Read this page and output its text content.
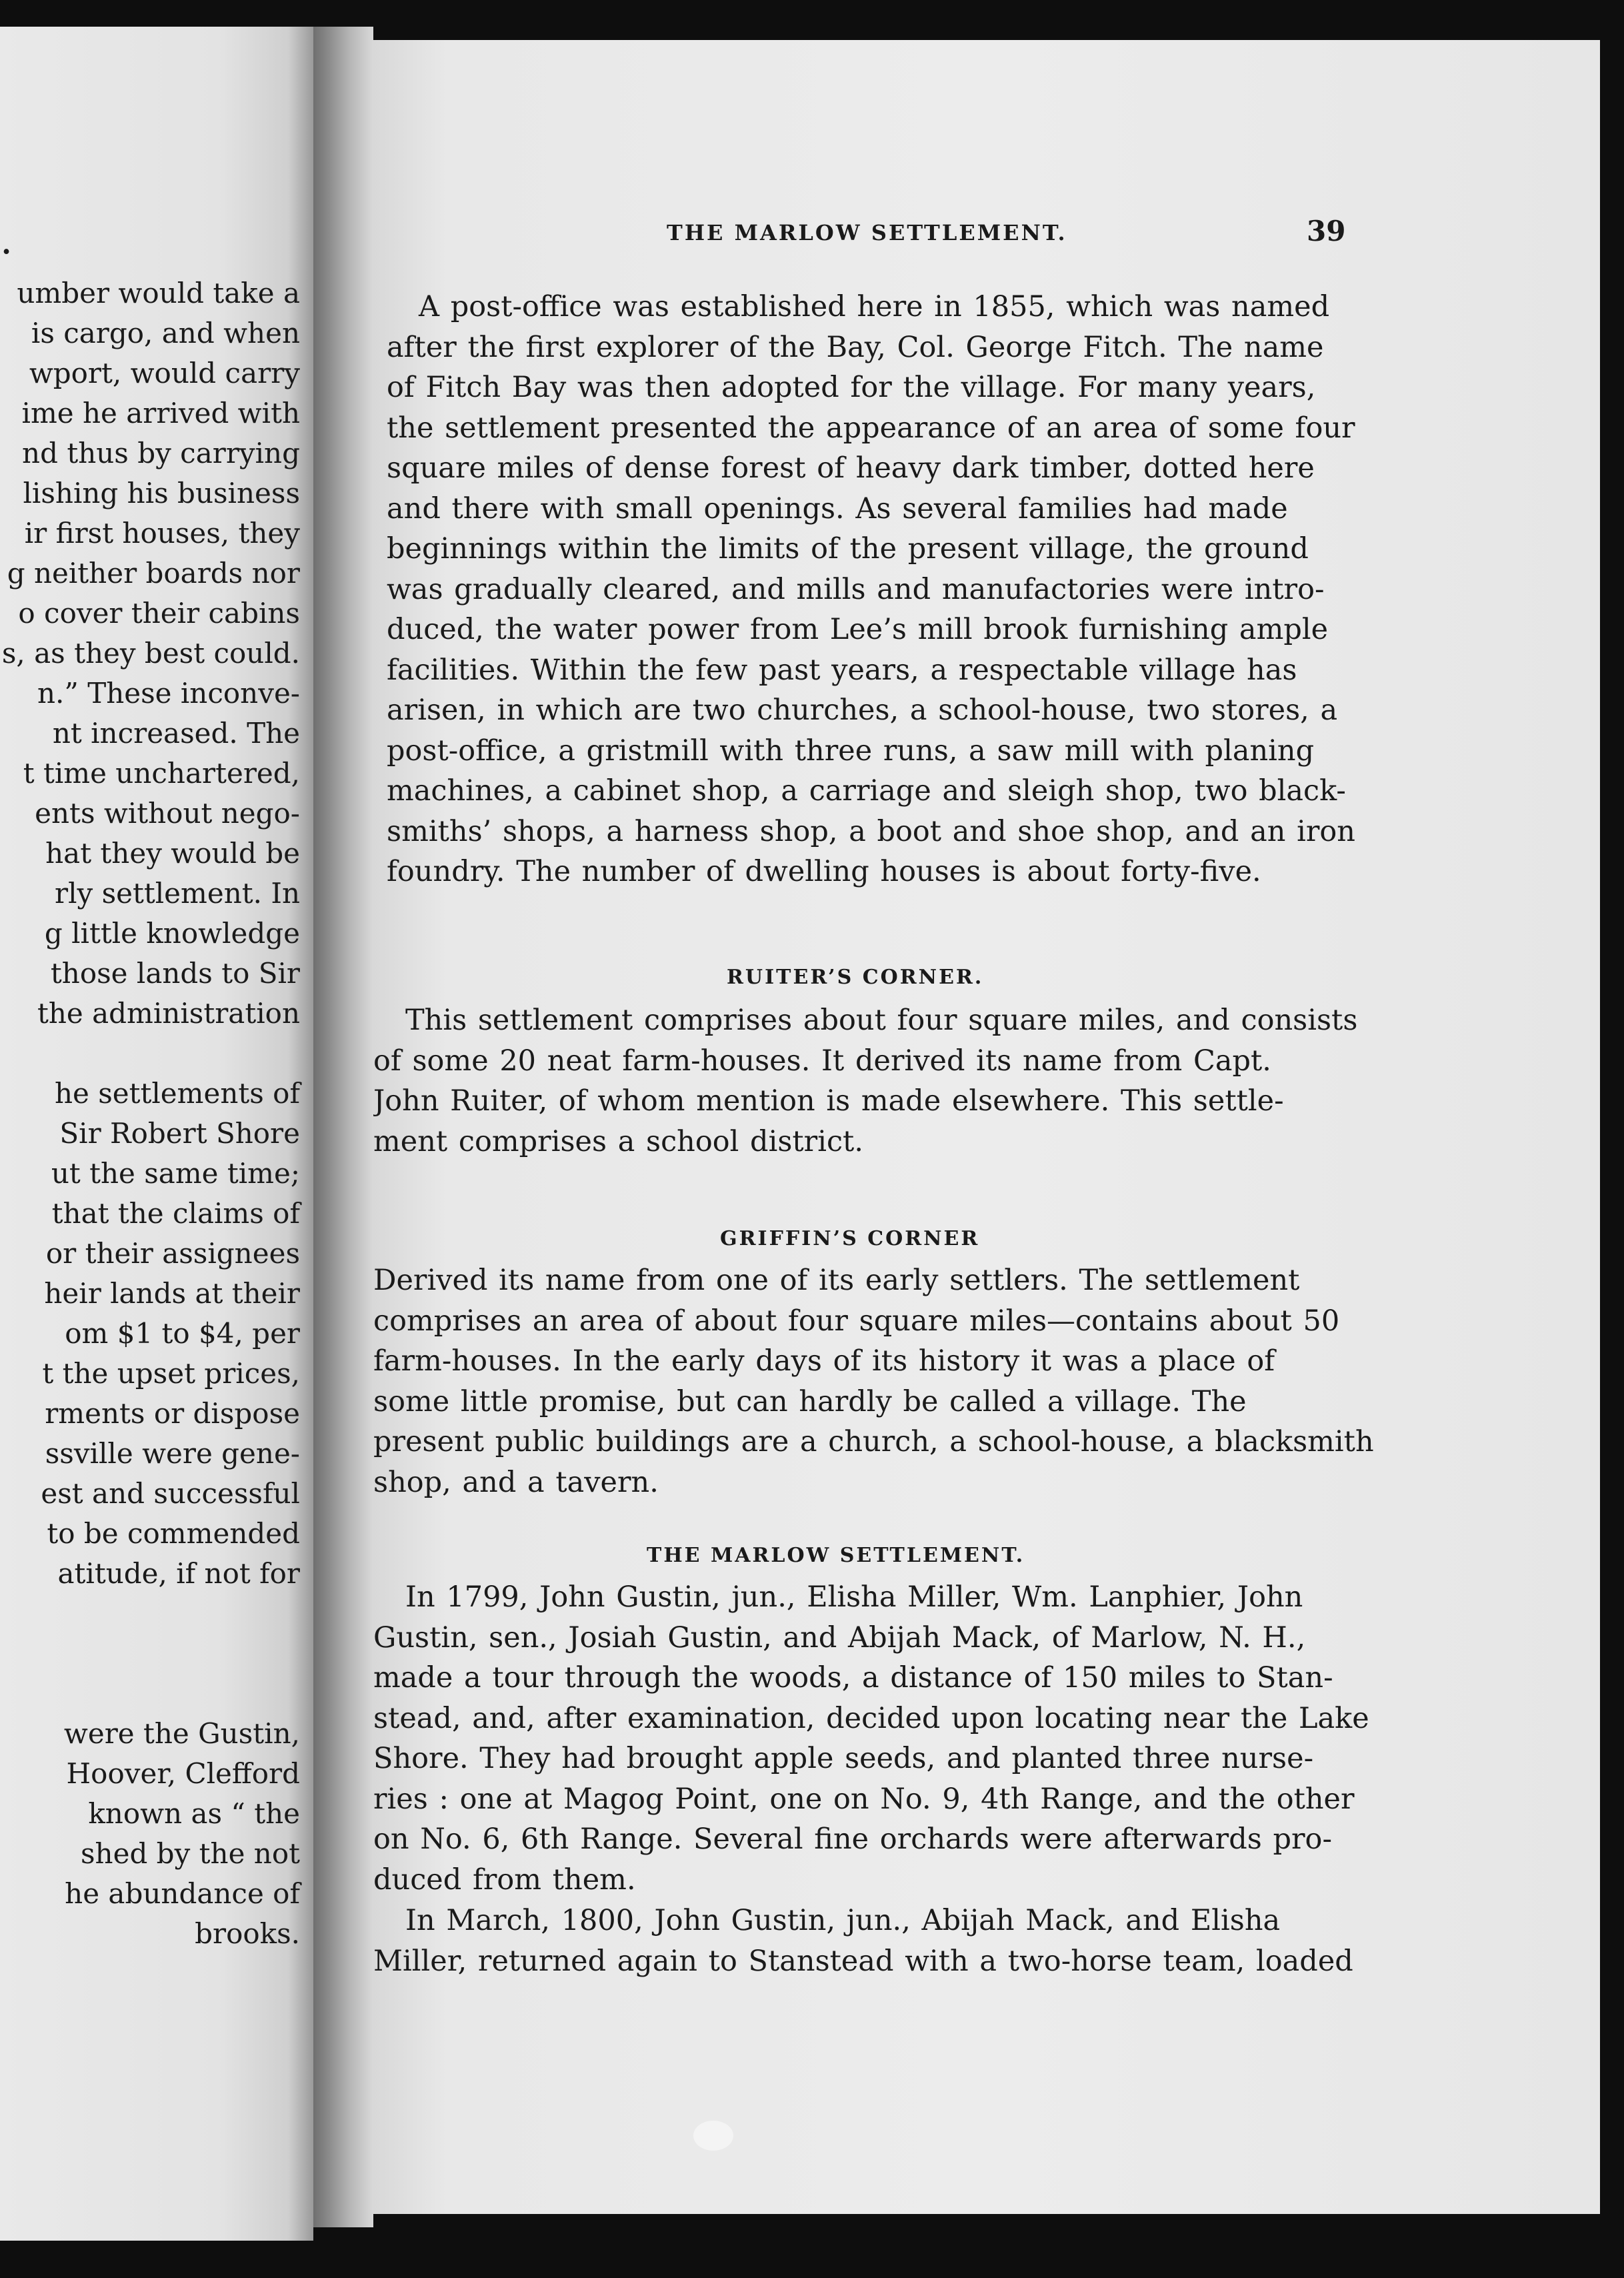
.
umber would take a
is cargo, and when
wport, would carry
ime he arrived with
nd thus by carrying
lishing his business
ir first houses, they
g neither boards nor
o cover their cabins
s, as they best could.
n.” These inconve-
nt increased. The
t time unchartered,
ents without nego-
hat they would be
rly settlement. In
g little knowledge
those lands to Sir
the administration
he settlements of
Sir Robert Shore
ut the same time;
that the claims of
or their assignees
heir lands at their
om $1 to $4, per
t the upset prices,
rments or dispose
ssville were gene-
est and successful
to be commended
atitude, if not for
were the Gustin,
Hoover, Clefford
known as “ the
shed by the not
he abundance of
brooks.
THE MARLOW SETTLEMENT.	39
A post-office was established here in 1855, which was named
after the first explorer of the Bay, Col. George Fitch. The name
of Fitch Bay was then adopted for the village. For many years,
the settlement presented the appearance of an area of some four
square miles of dense forest of heavy dark timber, dotted here
and there with small openings. As several families had made
beginnings within the limits of the present village, the ground
was gradually cleared, and mills and manufactories were intro-
duced, the water power from Lee’s mill brook furnishing ample
facilities. Within the few past years, a respectable village has
arisen, in which are two churches, a school-house, two stores, a
post-office, a gristmill with three runs, a saw mill with planing
machines, a cabinet shop, a carriage and sleigh shop, two black-
smiths’ shops, a harness shop, a boot and shoe shop, and an iron
foundry. The number of dwelling houses is about forty-five.
RUITER’S CORNER.
This settlement comprises about four square miles, and consists
of some 20 neat farm-houses. It derived its name from Capt.
John Ruiter, of whom mention is made elsewhere. This settle-
ment comprises a school district.
GRIFFIN’S CORNER
Derived its name from one of its early settlers. The settlement
comprises an area of about four square miles—contains about 50
farm-houses. In the early days of its history it was a place of
some little promise, but can hardly be called a village. The
present public buildings are a church, a school-house, a blacksmith
shop, and a tavern.
THE MARLOW SETTLEMENT.
In 1799, John Gustin, jun., Elisha Miller, Wm. Lanphier, John
Gustin, sen., Josiah Gustin, and Abijah Mack, of Marlow, N. H.,
made a tour through the woods, a distance of 150 miles to Stan-
stead, and, after examination, decided upon locating near the Lake
Shore. They had brought apple seeds, and planted three nurse-
ries : one at Magog Point, one on No. 9, 4th Range, and the other
on No. 6, 6th Range. Several fine orchards were afterwards pro-
duced from them.
In March, 1800, John Gustin, jun., Abijah Mack, and Elisha
Miller, returned again to Stanstead with a two-horse team, loaded
